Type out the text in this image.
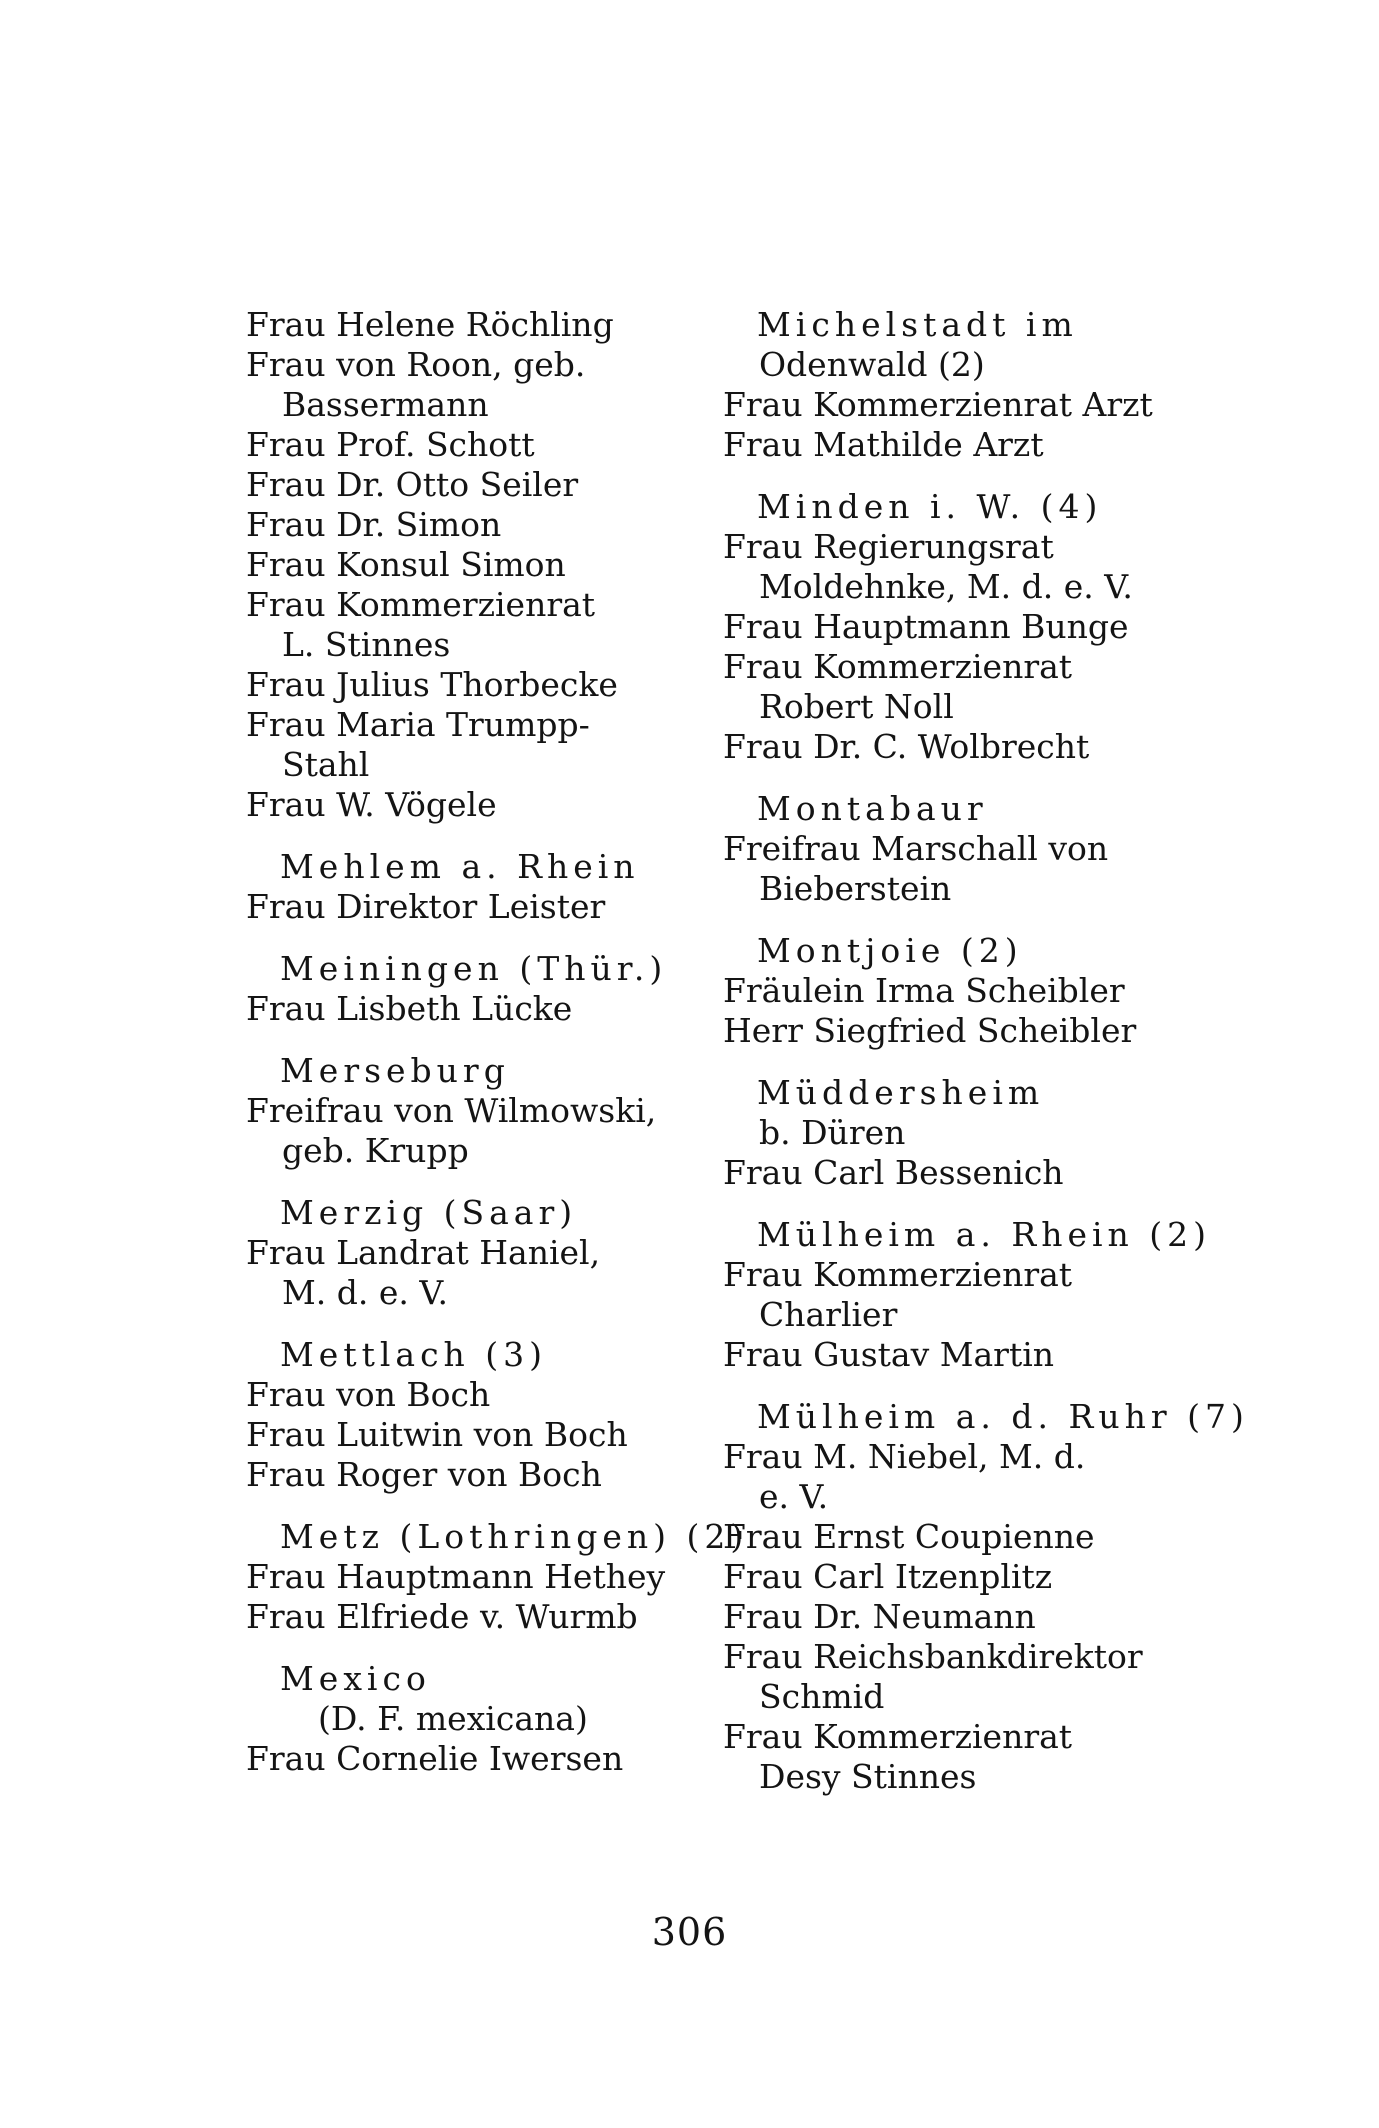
Frau Helene Röchling

Frau von Roon, geb.

Bassermann

Frau Prof. Schott

Frau Dr. Otto Seiler

Frau Dr. Simon

Frau Konsul Simon

Frau Kommerzienrat

L. Stinnes

Frau Julius Thorbecke

Frau Maria Trumpp-

Stahl

Frau W. Vögele

Mehlem a. Rhein

Frau Direktor Leister

Meiningen (Thür.)

Frau Lisbeth Lücke

Merseburg

Freifrau von Wilmowski,

geb. Krupp

Merzig (Saar)

Frau Landrat Haniel,

M. d. e. V.

Mettlach (3)

Frau von Boch

Frau Luitwin von Boch

Frau Roger von Boch

Metz (Lothringen) (2)

Frau Hauptmann Hethey

Frau Elfriede v. Wurmb

Mexico

(D. F. mexicana)

Frau Cornelie Iwersen

Michelstadt im

Odenwald (2)

Frau Kommerzienrat Arzt

Frau Mathilde Arzt

Minden i. W. (4)

Frau Regierungsrat

Moldehnke, M. d. e. V.

Frau Hauptmann Bunge

Frau Kommerzienrat

Robert Noll

Frau Dr. C. Wolbrecht

Montabaur

Freifrau Marschall von

Bieberstein

Montjoie (2)

Fräulein Irma Scheibler

Herr Siegfried Scheibler

Müddersheim

b. Düren

Frau Carl Bessenich

Mülheim a. Rhein (2)

Frau Kommerzienrat

Charlier

Frau Gustav Martin

Mülheim a. d. Ruhr (7)

Frau M. Niebel, M. d.

e. V.

Frau Ernst Coupienne

Frau Carl Itzenplitz

Frau Dr. Neumann

Frau Reichsbankdirektor

Schmid

Frau Kommerzienrat

Desy Stinnes

306
